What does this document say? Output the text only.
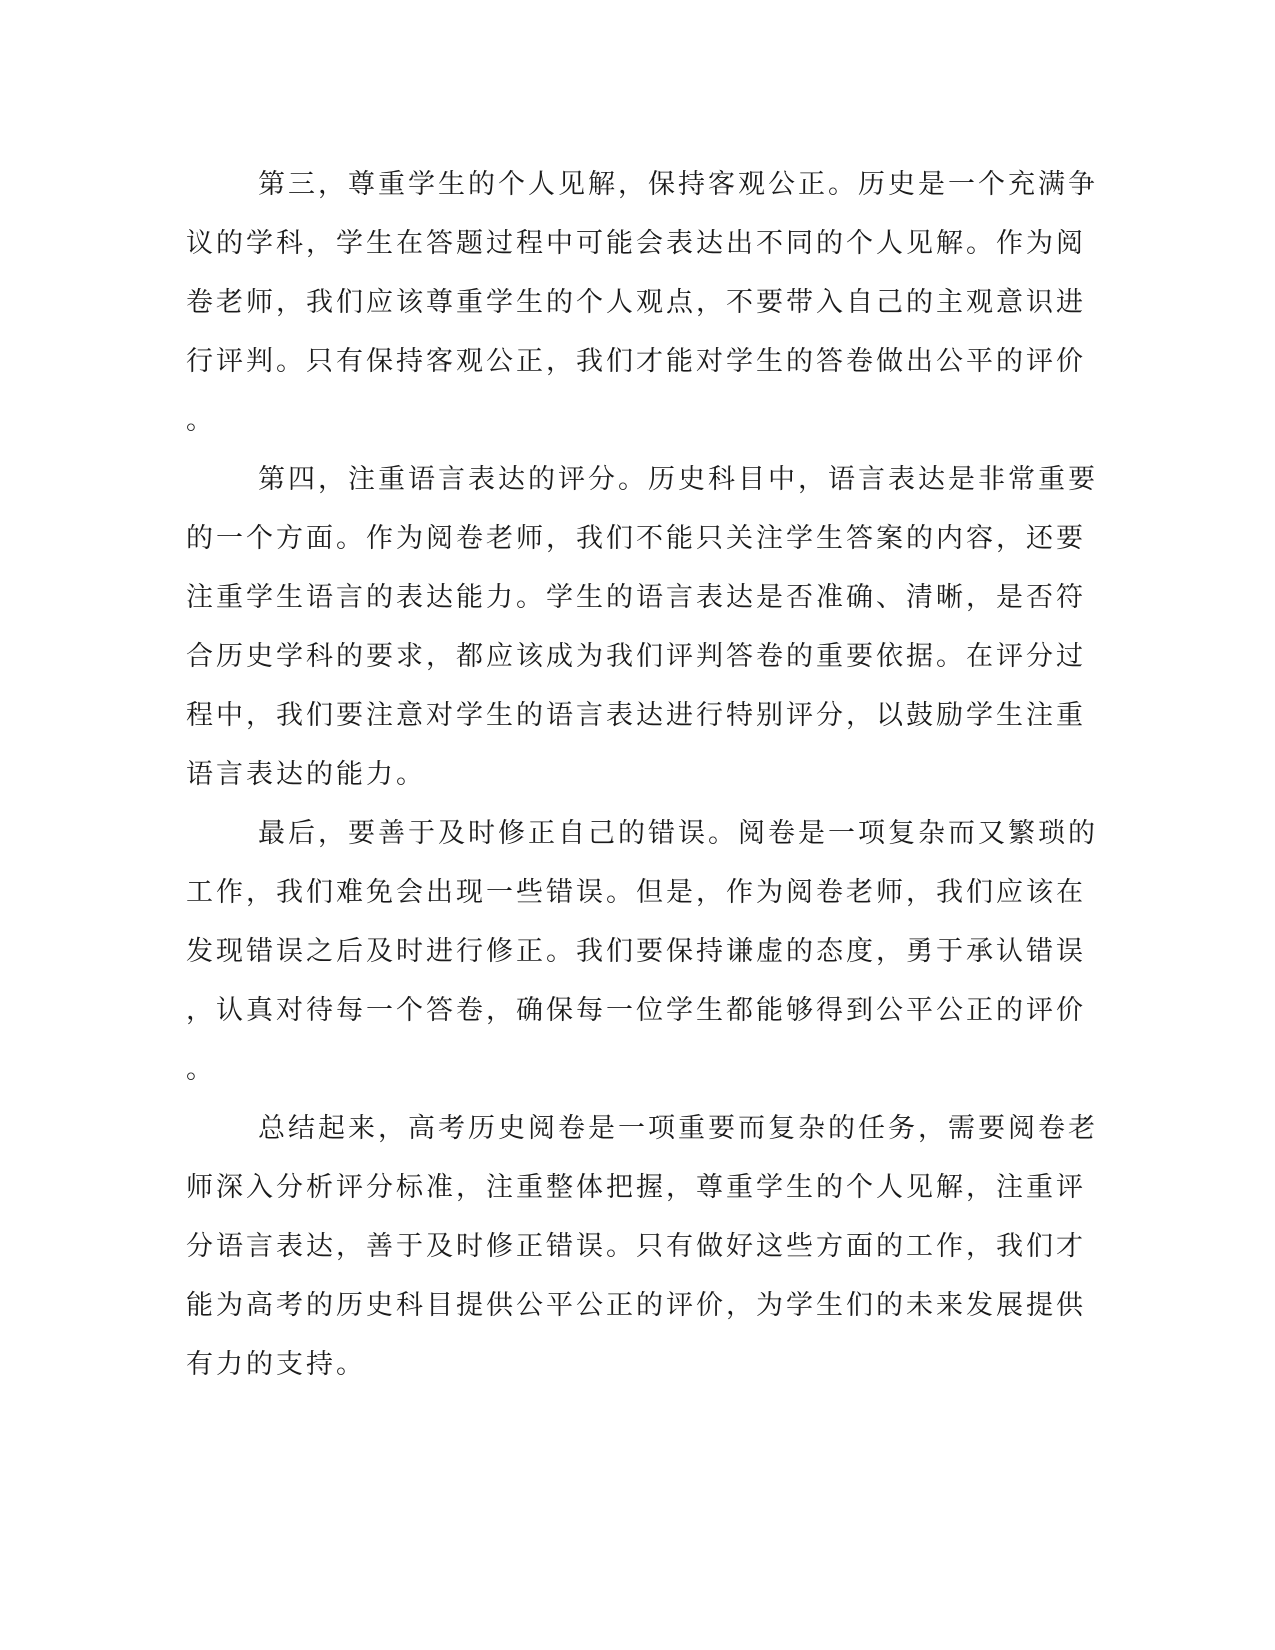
第三，尊重学生的个人见解，保持客观公正。历史是一个充满争
议的学科，学生在答题过程中可能会表达出不同的个人见解。作为阅
卷老师，我们应该尊重学生的个人观点，不要带入自己的主观意识进
行评判。只有保持客观公正，我们才能对学生的答卷做出公平的评价
。
第四，注重语言表达的评分。历史科目中，语言表达是非常重要
的一个方面。作为阅卷老师，我们不能只关注学生答案的内容，还要
注重学生语言的表达能力。学生的语言表达是否准确、清晰，是否符
合历史学科的要求，都应该成为我们评判答卷的重要依据。在评分过
程中，我们要注意对学生的语言表达进行特别评分，以鼓励学生注重
语言表达的能力。
最后，要善于及时修正自己的错误。阅卷是一项复杂而又繁琐的
工作，我们难免会出现一些错误。但是，作为阅卷老师，我们应该在
发现错误之后及时进行修正。我们要保持谦虚的态度，勇于承认错误
，认真对待每一个答卷，确保每一位学生都能够得到公平公正的评价
。
总结起来，高考历史阅卷是一项重要而复杂的任务，需要阅卷老
师深入分析评分标准，注重整体把握，尊重学生的个人见解，注重评
分语言表达，善于及时修正错误。只有做好这些方面的工作，我们才
能为高考的历史科目提供公平公正的评价，为学生们的未来发展提供
有力的支持。
